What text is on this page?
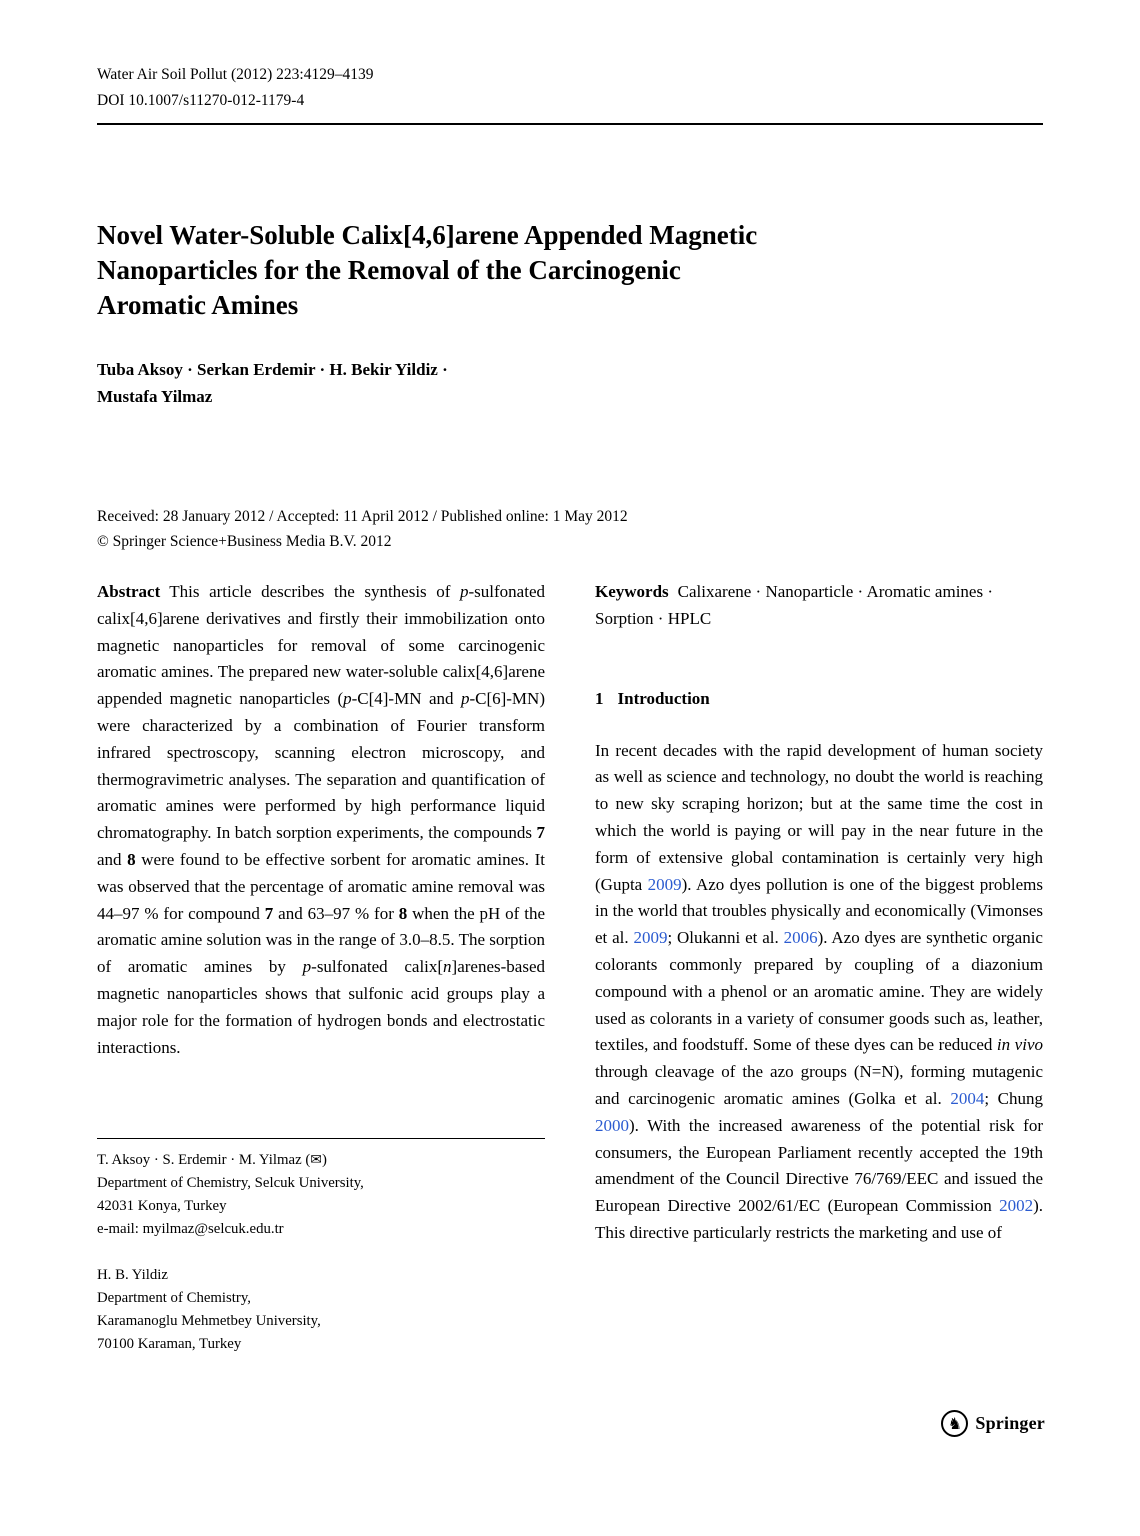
Water Air Soil Pollut (2012) 223:4129–4139
DOI 10.1007/s11270-012-1179-4
Novel Water-Soluble Calix[4,6]arene Appended Magnetic
Nanoparticles for the Removal of the Carcinogenic
Aromatic Amines
Tuba Aksoy · Serkan Erdemir · H. Bekir Yildiz ·
Mustafa Yilmaz
Received: 28 January 2012 / Accepted: 11 April 2012 / Published online: 1 May 2012
© Springer Science+Business Media B.V. 2012

Abstract This article describes the synthesis of p-sulfonated calix[4,6]arene derivatives and firstly their immobilization onto magnetic nanoparticles for removal of some carcinogenic aromatic amines. The prepared new water-soluble calix[4,6]arene appended magnetic nanoparticles (p-C[4]-MN and p-C[6]-MN) were characterized by a combination of Fourier transform infrared spectroscopy, scanning electron microscopy, and thermogravimetric analyses. The separation and quantification of aromatic amines were performed by high performance liquid chromatography. In batch sorption experiments, the compounds 7 and 8 were found to be effective sorbent for aromatic amines. It was observed that the percentage of aromatic amine removal was 44–97 % for compound 7 and 63–97 % for 8 when the pH of the aromatic amine solution was in the range of 3.0–8.5. The sorption of aromatic amines by p-sulfonated calix[n]arenes-based magnetic nanoparticles shows that sulfonic acid groups play a major role for the formation of hydrogen bonds and electrostatic interactions.

T. Aksoy · S. Erdemir · M. Yilmaz (✉)
Department of Chemistry, Selcuk University,
42031 Konya, Turkey
e-mail: myilmaz@selcuk.edu.tr
H. B. Yildiz
Department of Chemistry,
Karamanoglu Mehmetbey University,
70100 Karaman, Turkey

Keywords Calixarene · Nanoparticle · Aromatic amines · Sorption · HPLC

1 Introduction

In recent decades with the rapid development of human society as well as science and technology, no doubt the world is reaching to new sky scraping horizon; but at the same time the cost in which the world is paying or will pay in the near future in the form of extensive global contamination is certainly very high (Gupta 2009). Azo dyes pollution is one of the biggest problems in the world that troubles physically and economically (Vimonses et al. 2009; Olukanni et al. 2006). Azo dyes are synthetic organic colorants commonly prepared by coupling of a diazonium compound with a phenol or an aromatic amine. They are widely used as colorants in a variety of consumer goods such as, leather, textiles, and foodstuff. Some of these dyes can be reduced in vivo through cleavage of the azo groups (N=N), forming mutagenic and carcinogenic aromatic amines (Golka et al. 2004; Chung 2000). With the increased awareness of the potential risk for consumers, the European Parliament recently accepted the 19th amendment of the Council Directive 76/769/EEC and issued the European Directive 2002/61/EC (European Commission 2002). This directive particularly restricts the marketing and use of

♞ Springer
